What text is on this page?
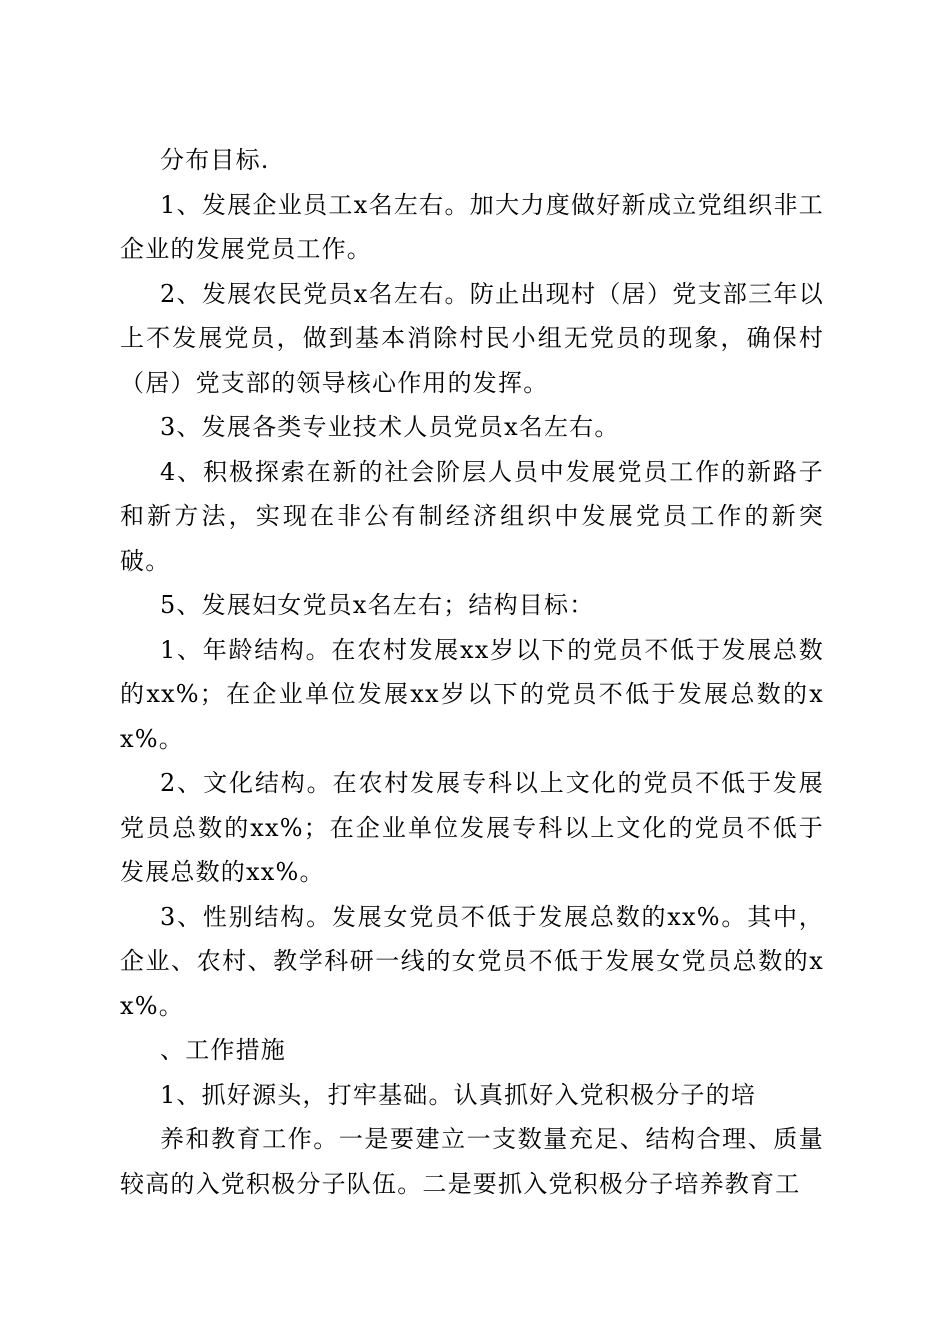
分布目标.

1、发展企业员工x名左右。加大力度做好新成立党组织非工企业的发展党员工作。

2、发展农民党员x名左右。防止出现村（居）党支部三年以上不发展党员，做到基本消除村民小组无党员的现象，确保村（居）党支部的领导核心作用的发挥。

3、发展各类专业技术人员党员x名左右。

4、积极探索在新的社会阶层人员中发展党员工作的新路子和新方法，实现在非公有制经济组织中发展党员工作的新突破。

5、发展妇女党员x名左右；结构目标：

1、年龄结构。在农村发展xx岁以下的党员不低于发展总数的xx%；在企业单位发展xx岁以下的党员不低于发展总数的xx%。

2、文化结构。在农村发展专科以上文化的党员不低于发展党员总数的xx%；在企业单位发展专科以上文化的党员不低于发展总数的xx%。

3、性别结构。发展女党员不低于发展总数的xx%。其中，企业、农村、教学科研一线的女党员不低于发展女党员总数的xx%。

、工作措施

1、抓好源头，打牢基础。认真抓好入党积极分子的培

养和教育工作。一是要建立一支数量充足、结构合理、质量较高的入党积极分子队伍。二是要抓入党积极分子培养教育工
